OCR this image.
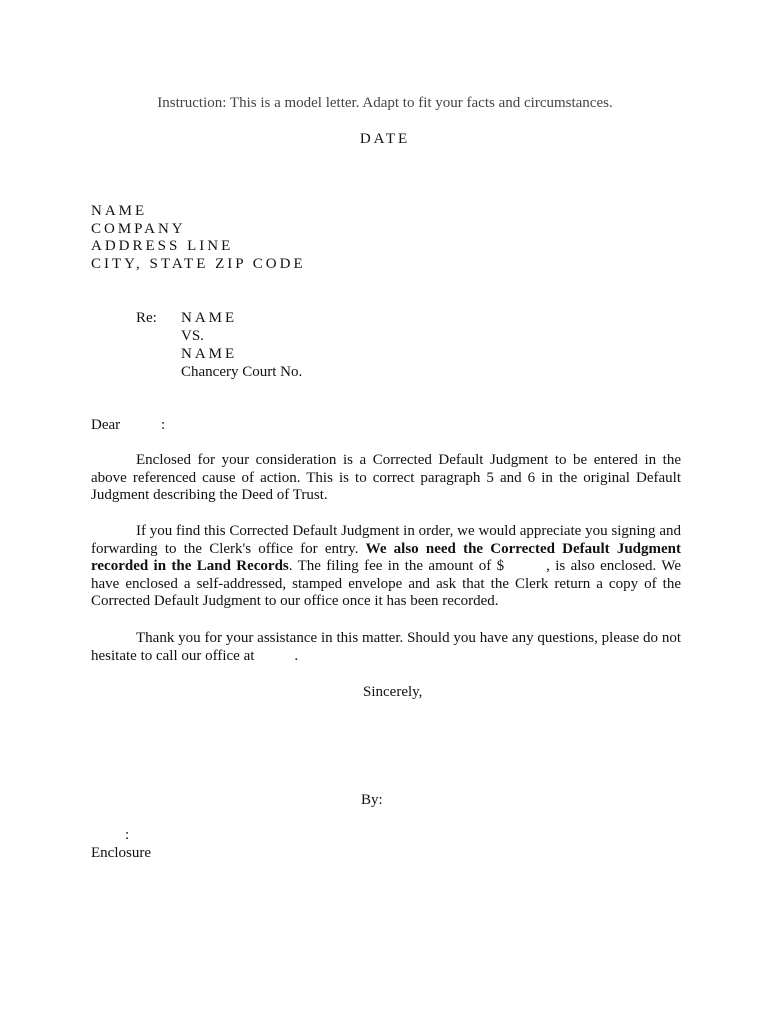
Instruction: This is a model letter. Adapt to fit your facts and circumstances.
DATE
NAME
COMPANY
ADDRESS LINE
CITY, STATE ZIP CODE
Re: NAME
VS.
NAME
Chancery Court No.
Dear	:
Enclosed for your consideration is a Corrected Default Judgment to be entered in the above referenced cause of action. This is to correct paragraph 5 and 6 in the original Default Judgment describing the Deed of Trust.
If you find this Corrected Default Judgment in order, we would appreciate you signing and forwarding to the Clerk's office for entry. We also need the Corrected Default Judgment recorded in the Land Records. The filing fee in the amount of $	, is also enclosed. We have enclosed a self-addressed, stamped envelope and ask that the Clerk return a copy of the Corrected Default Judgment to our office once it has been recorded.
Thank you for your assistance in this matter. Should you have any questions, please do not hesitate to call our office at	.
Sincerely,
By:
:
Enclosure
